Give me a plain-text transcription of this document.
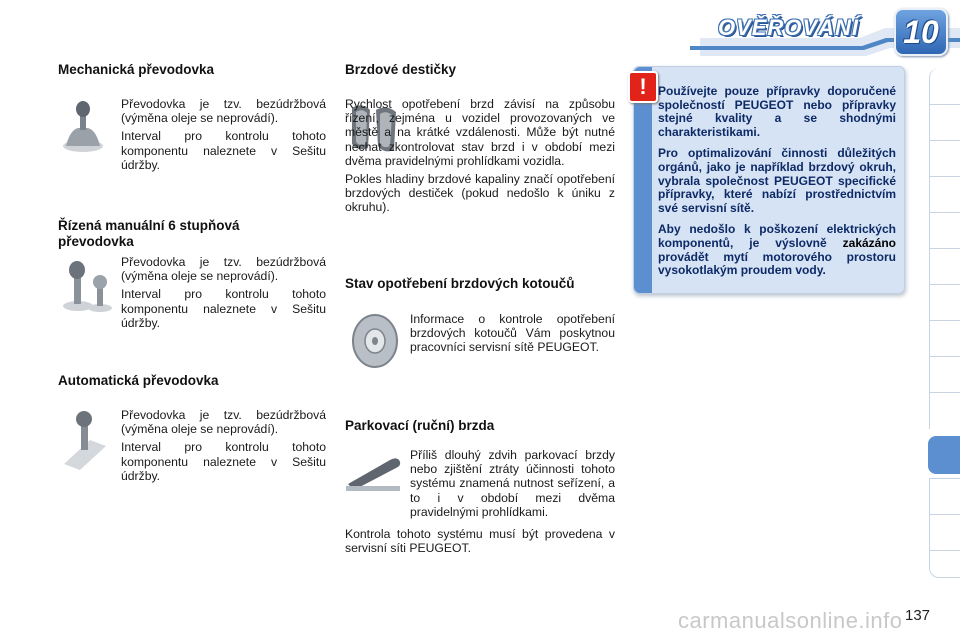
OVĚŘOVÁNÍ 10
Mechanická převodovka

Převodovka je tzv. bezúdržbová (výměna oleje se neprovádí).

Interval pro kontrolu tohoto komponentu naleznete v Sešitu údržby.

Řízená manuální 6 stupňová převodovka

Převodovka je tzv. bezúdržbová (výměna oleje se neprovádí).

Interval pro kontrolu tohoto komponentu naleznete v Sešitu údržby.

Automatická převodovka

Převodovka je tzv. bezúdržbová (výměna oleje se neprovádí).

Interval pro kontrolu tohoto komponentu naleznete v Sešitu údržby.

Brzdové destičky

Rychlost opotřebení brzd závisí na způsobu řízení, zejména u vozidel provozovaných ve městě a na krátké vzdálenosti. Může být nutné nechat zkontrolovat stav brzd i v období mezi dvěma pravidelnými prohlídkami vozidla.

Pokles hladiny brzdové kapaliny značí opotřebení brzdových destiček (pokud nedošlo k úniku z okruhu).

Stav opotřebení brzdových kotoučů

Informace o kontrole opotřebení brzdových kotoučů Vám poskytnou pracovníci servisní sítě PEUGEOT.

Parkovací (ruční) brzda

Příliš dlouhý zdvih parkovací brzdy nebo zjištění ztráty účinnosti tohoto systému znamená nutnost seřízení, a to i v období mezi dvěma pravidelnými prohlídkami.

Kontrola tohoto systému musí být provedena v servisní síti PEUGEOT.

! Používejte pouze přípravky doporučené společností PEUGEOT nebo přípravky stejné kvality a se shodnými charakteristikami.

Pro optimalizování činnosti důležitých orgánů, jako je například brzdový okruh, vybrala společnost PEUGEOT specifické přípravky, které nabízí prostřednictvím své servisní sítě.

Aby nedošlo k poškození elektrických komponentů, je výslovně zakázáno provádět mytí motorového prostoru vysokotlakým proudem vody.

137
carmanualsonline.info
